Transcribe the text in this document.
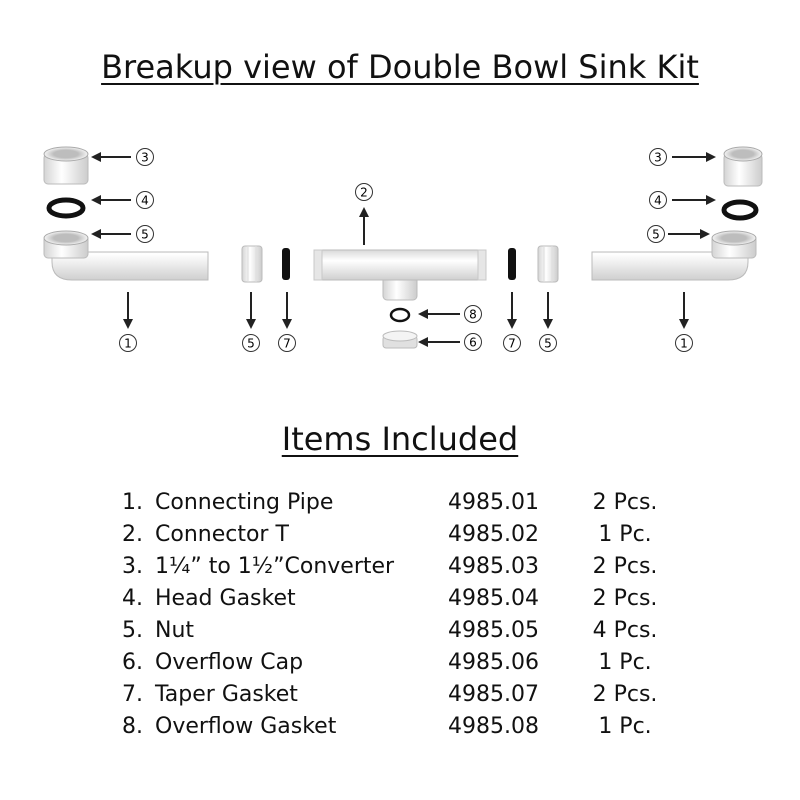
Breakup view of Double Bowl Sink Kit
3
4
5
1	5 7
2
8
6	7 5
5
4
3
1
Items Included
1. Connecting Pipe	4985.01	2 Pcs.
2. Connector T	4985.02	1 Pc.
3. 1¼” to 1½”Converter 4985.03	2 Pcs.
4. Head Gasket	4985.04	2 Pcs.
5. Nut	4985.05	4 Pcs.
6. Overflow Cap	4985.06	1 Pc.
7. Taper Gasket	4985.07	2 Pcs.
8. Overflow Gasket	4985.08	1 Pc.
